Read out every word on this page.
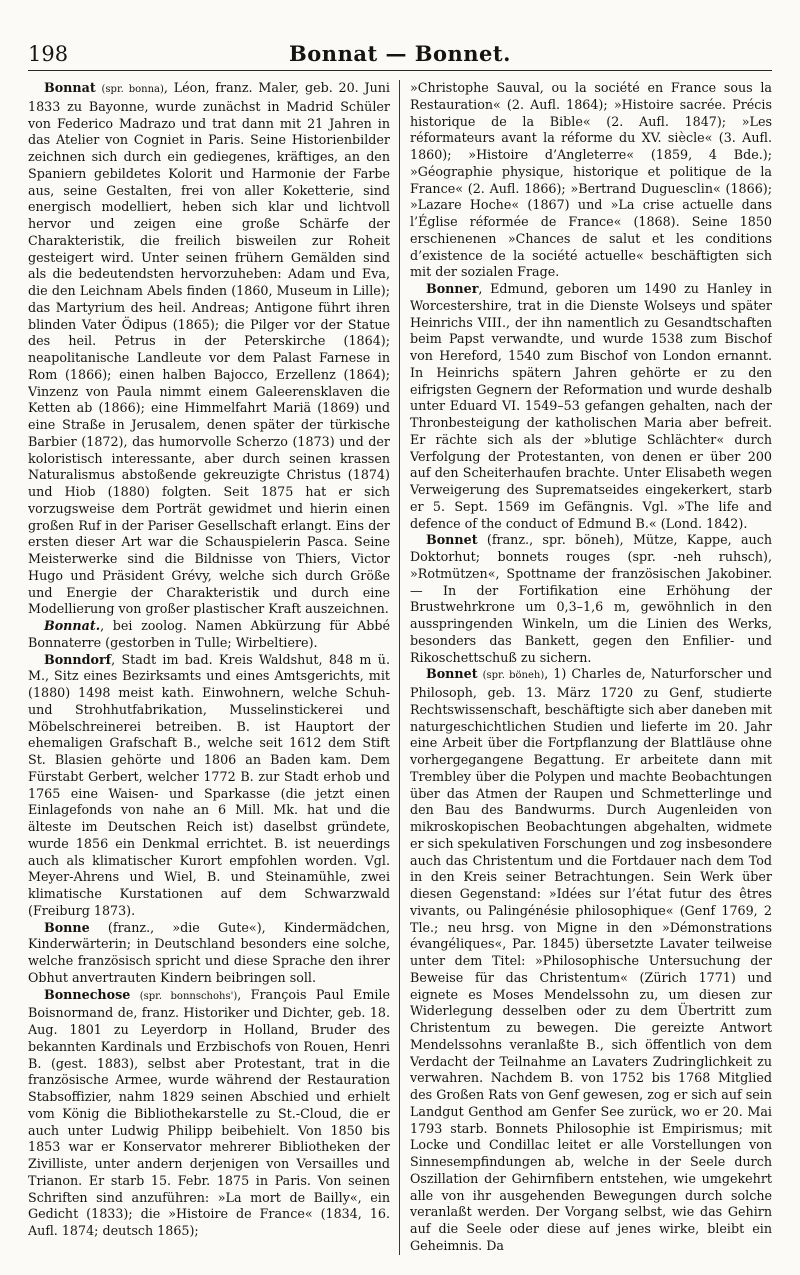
198	Bonnat — Bonnet.

Bonnat (spr. bonna), Léon, franz. Maler, geb. 20. Juni 1833 zu Bayonne, wurde zunächst in Madrid Schüler von Federico Madrazo und trat dann mit 21 Jahren in das Atelier von Cogniet in Paris. Seine Historienbilder zeichnen sich durch ein gediegenes, kräftiges, an den Spaniern gebildetes Kolorit und Harmonie der Farbe aus, seine Gestalten, frei von aller Koketterie, sind energisch modelliert, heben sich klar und lichtvoll hervor und zeigen eine große Schärfe der Charakteristik, die freilich bisweilen zur Roheit gesteigert wird. Unter seinen frühern Gemälden sind als die bedeutendsten hervorzuheben: Adam und Eva, die den Leichnam Abels finden (1860, Museum in Lille); das Martyrium des heil. Andreas; Antigone führt ihren blinden Vater Ödipus (1865); die Pilger vor der Statue des heil. Petrus in der Peterskirche (1864); neapolitanische Landleute vor dem Palast Farnese in Rom (1866); einen halben Bajocco, Erzellenz (1864); Vinzenz von Paula nimmt einem Galeerensklaven die Ketten ab (1866); eine Himmelfahrt Mariä (1869) und eine Straße in Jerusalem, denen später der türkische Barbier (1872), das humorvolle Scherzo (1873) und der koloristisch interessante, aber durch seinen krassen Naturalismus abstoßende gekreuzigte Christus (1874) und Hiob (1880) folgten. Seit 1875 hat er sich vorzugsweise dem Porträt gewidmet und hierin einen großen Ruf in der Pariser Gesellschaft erlangt. Eins der ersten dieser Art war die Schauspielerin Pasca. Seine Meisterwerke sind die Bildnisse von Thiers, Victor Hugo und Präsident Grévy, welche sich durch Größe und Energie der Charakteristik und durch eine Modellierung von großer plastischer Kraft auszeichnen.

Bonnat., bei zoolog. Namen Abkürzung für Abbé Bonnaterre (gestorben in Tulle; Wirbeltiere).

Bonndorf, Stadt im bad. Kreis Waldshut, 848 m ü. M., Sitz eines Bezirksamts und eines Amtsgerichts, mit (1880) 1498 meist kath. Einwohnern, welche Schuh- und Strohhutfabrikation, Musselinstickerei und Möbelschreinerei betreiben. B. ist Hauptort der ehemaligen Grafschaft B., welche seit 1612 dem Stift St. Blasien gehörte und 1806 an Baden kam. Dem Fürstabt Gerbert, welcher 1772 B. zur Stadt erhob und 1765 eine Waisen- und Sparkasse (die jetzt einen Einlagefonds von nahe an 6 Mill. Mk. hat und die älteste im Deutschen Reich ist) daselbst gründete, wurde 1856 ein Denkmal errichtet. B. ist neuerdings auch als klimatischer Kurort empfohlen worden. Vgl. Meyer-Ahrens und Wiel, B. und Steinamühle, zwei klimatische Kurstationen auf dem Schwarzwald (Freiburg 1873).

Bonne (franz., »die Gute«), Kindermädchen, Kinderwärterin; in Deutschland besonders eine solche, welche französisch spricht und diese Sprache den ihrer Obhut anvertrauten Kindern beibringen soll.

Bonnechose (spr. bonnschohs'), François Paul Emile Boisnormand de, franz. Historiker und Dichter, geb. 18. Aug. 1801 zu Leyerdorp in Holland, Bruder des bekannten Kardinals und Erzbischofs von Rouen, Henri B. (gest. 1883), selbst aber Protestant, trat in die französische Armee, wurde während der Restauration Stabsoffizier, nahm 1829 seinen Abschied und erhielt vom König die Bibliothekarstelle zu St.-Cloud, die er auch unter Ludwig Philipp beibehielt. Von 1850 bis 1853 war er Konservator mehrerer Bibliotheken der Zivilliste, unter andern derjenigen von Versailles und Trianon. Er starb 15. Febr. 1875 in Paris. Von seinen Schriften sind anzuführen: »La mort de Bailly«, ein Gedicht (1833); die »Histoire de France« (1834, 16. Aufl. 1874; deutsch 1865);

»Christophe Sauval, ou la société en France sous la Restauration« (2. Aufl. 1864); »Histoire sacrée. Précis historique de la Bible« (2. Aufl. 1847); »Les réformateurs avant la réforme du XV. siècle« (3. Aufl. 1860); »Histoire d’Angleterre« (1859, 4 Bde.); »Géographie physique, historique et politique de la France« (2. Aufl. 1866); »Bertrand Duguesclin« (1866); »Lazare Hoche« (1867) und »La crise actuelle dans l’Église réformée de France« (1868). Seine 1850 erschienenen »Chances de salut et les conditions d’existence de la société actuelle« beschäftigten sich mit der sozialen Frage.

Bonner, Edmund, geboren um 1490 zu Hanley in Worcestershire, trat in die Dienste Wolseys und später Heinrichs VIII., der ihn namentlich zu Gesandtschaften beim Papst verwandte, und wurde 1538 zum Bischof von Hereford, 1540 zum Bischof von London ernannt. In Heinrichs spätern Jahren gehörte er zu den eifrigsten Gegnern der Reformation und wurde deshalb unter Eduard VI. 1549–53 gefangen gehalten, nach der Thronbesteigung der katholischen Maria aber befreit. Er rächte sich als der »blutige Schlächter« durch Verfolgung der Protestanten, von denen er über 200 auf den Scheiterhaufen brachte. Unter Elisabeth wegen Verweigerung des Suprematseides eingekerkert, starb er 5. Sept. 1569 im Gefängnis. Vgl. »The life and defence of the conduct of Edmund B.« (Lond. 1842).

Bonnet (franz., spr. böneh), Mütze, Kappe, auch Doktorhut; bonnets rouges (spr. -neh ruhsch), »Rotmützen«, Spottname der französischen Jakobiner. — In der Fortifikation eine Erhöhung der Brustwehrkrone um 0,3–1,6 m, gewöhnlich in den ausspringenden Winkeln, um die Linien des Werks, besonders das Bankett, gegen den Enfilier- und Rikoschettschuß zu sichern.

Bonnet (spr. böneh), 1) Charles de, Naturforscher und Philosoph, geb. 13. März 1720 zu Genf, studierte Rechtswissenschaft, beschäftigte sich aber daneben mit naturgeschichtlichen Studien und lieferte im 20. Jahr eine Arbeit über die Fortpflanzung der Blattläuse ohne vorhergegangene Begattung. Er arbeitete dann mit Trembley über die Polypen und machte Beobachtungen über das Atmen der Raupen und Schmetterlinge und den Bau des Bandwurms. Durch Augenleiden von mikroskopischen Beobachtungen abgehalten, widmete er sich spekulativen Forschungen und zog insbesondere auch das Christentum und die Fortdauer nach dem Tod in den Kreis seiner Betrachtungen. Sein Werk über diesen Gegenstand: »Idées sur l’état futur des êtres vivants, ou Palingénésie philosophique« (Genf 1769, 2 Tle.; neu hrsg. von Migne in den »Démonstrations évangéliques«, Par. 1845) übersetzte Lavater teilweise unter dem Titel: »Philosophische Untersuchung der Beweise für das Christentum« (Zürich 1771) und eignete es Moses Mendelssohn zu, um diesen zur Widerlegung desselben oder zu dem Übertritt zum Christentum zu bewegen. Die gereizte Antwort Mendelssohns veranlaßte B., sich öffentlich von dem Verdacht der Teilnahme an Lavaters Zudringlichkeit zu verwahren. Nachdem B. von 1752 bis 1768 Mitglied des Großen Rats von Genf gewesen, zog er sich auf sein Landgut Genthod am Genfer See zurück, wo er 20. Mai 1793 starb. Bonnets Philosophie ist Empirismus; mit Locke und Condillac leitet er alle Vorstellungen von Sinnesempfindungen ab, welche in der Seele durch Oszillation der Gehirnfibern entstehen, wie umgekehrt alle von ihr ausgehenden Bewegungen durch solche veranlaßt werden. Der Vorgang selbst, wie das Gehirn auf die Seele oder diese auf jenes wirke, bleibt ein Geheimnis. Da
